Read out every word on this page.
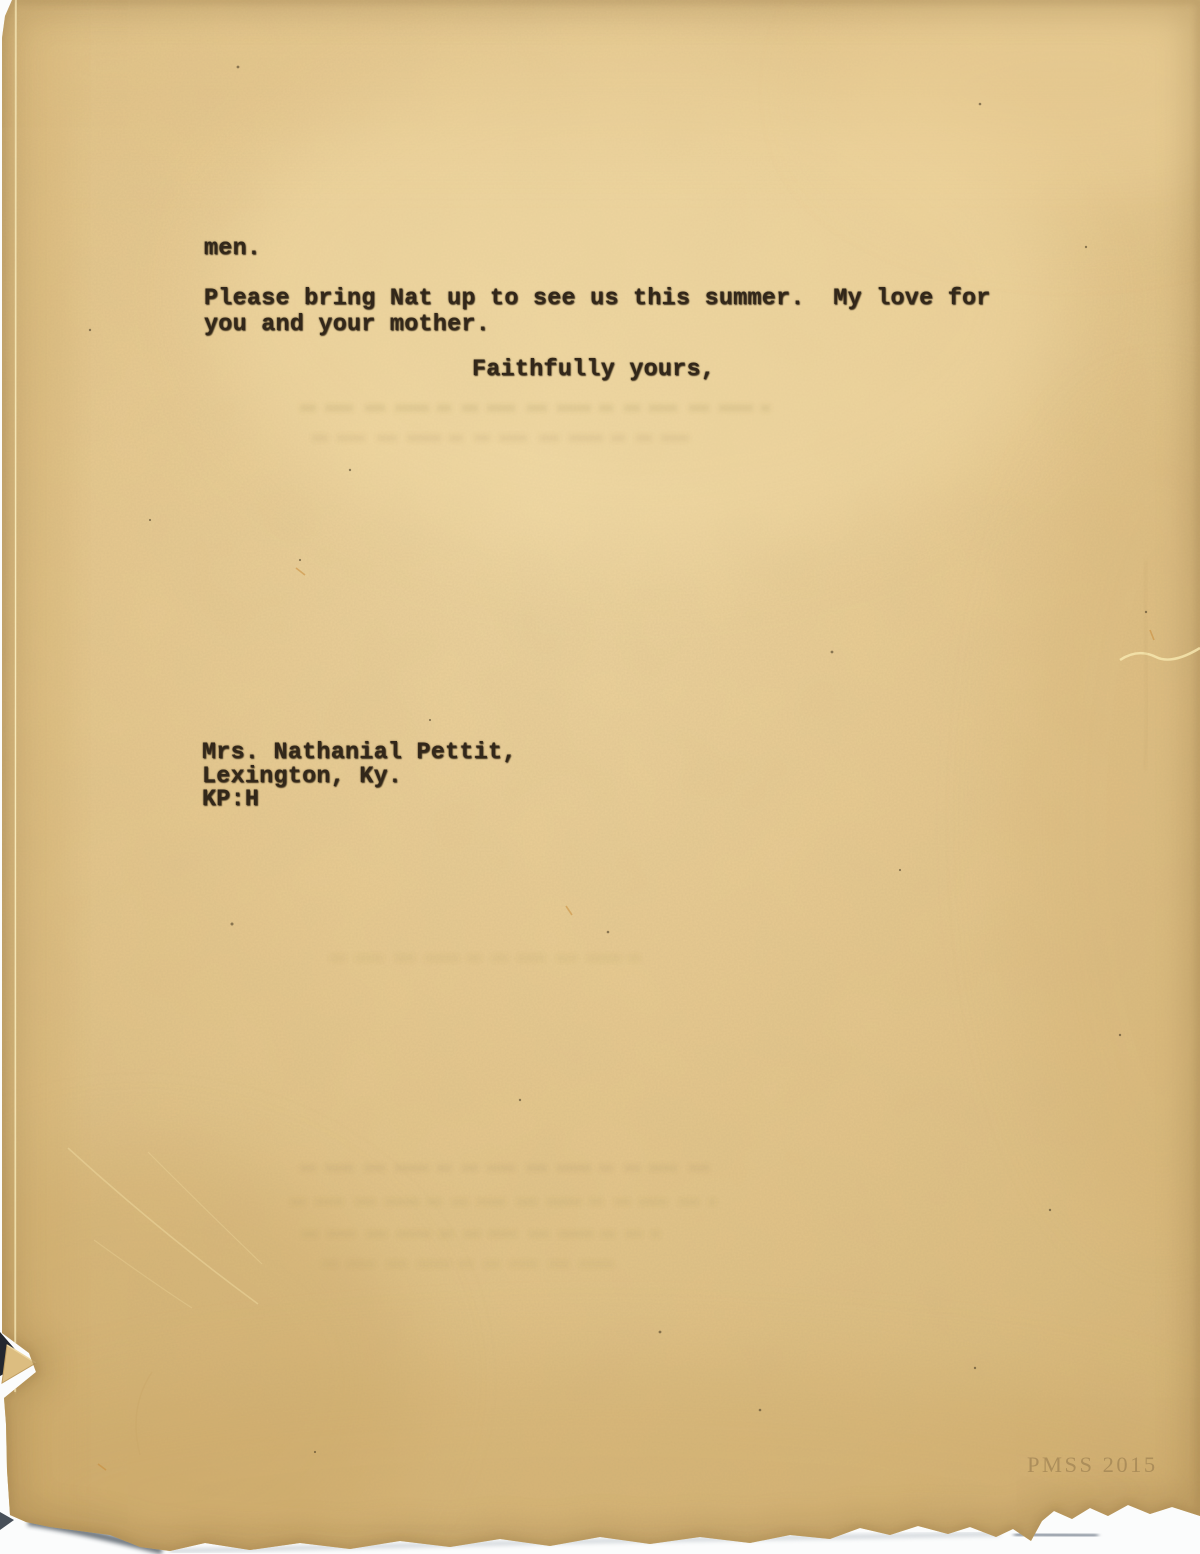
men.
Please bring Nat up to see us this summer.  My love for
you and your mother.
Faithfully yours,
Mrs. Nathanial Pettit,
Lexington, Ky.
KP:H
PMSS 2015
